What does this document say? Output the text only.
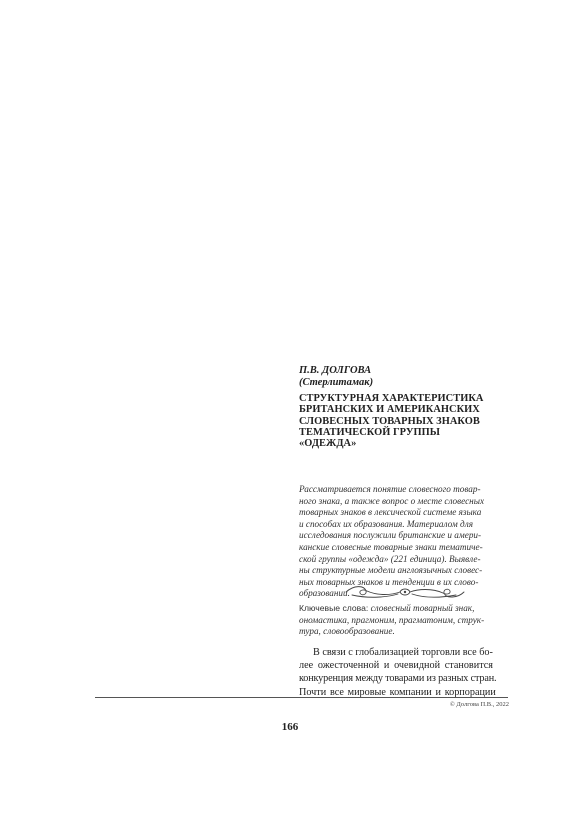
П.В. ДОЛГОВА
(Стерлитамак)
СТРУКТУРНАЯ ХАРАКТЕРИСТИКА
БРИТАНСКИХ И АМЕРИКАНСКИХ
СЛОВЕСНЫХ ТОВАРНЫХ ЗНАКОВ
ТЕМАТИЧЕСКОЙ ГРУППЫ
«ОДЕЖДА»
Рассматривается понятие словесного товар-
ного знака, а также вопрос о месте словесных
товарных знаков в лексической системе языка
и способах их образования. Материалом для
исследования послужили британские и амери-
канские словесные товарные знаки тематиче-
ской группы «одежда» (221 единица). Выявле-
ны структурные модели англоязычных словес-
ных товарных знаков и тенденции в их слово-
образовании.
Ключевые слова: словесный товарный знак,
ономастика, прагмоним, прагматоним, струк-
тура, словообразование.
В связи с глобализацией торговли все бо-
лее ожесточенной и очевидной становится
конкуренция между товарами из разных стран.
Почти все мировые компании и корпорации
© Долгова П.В., 2022
166
